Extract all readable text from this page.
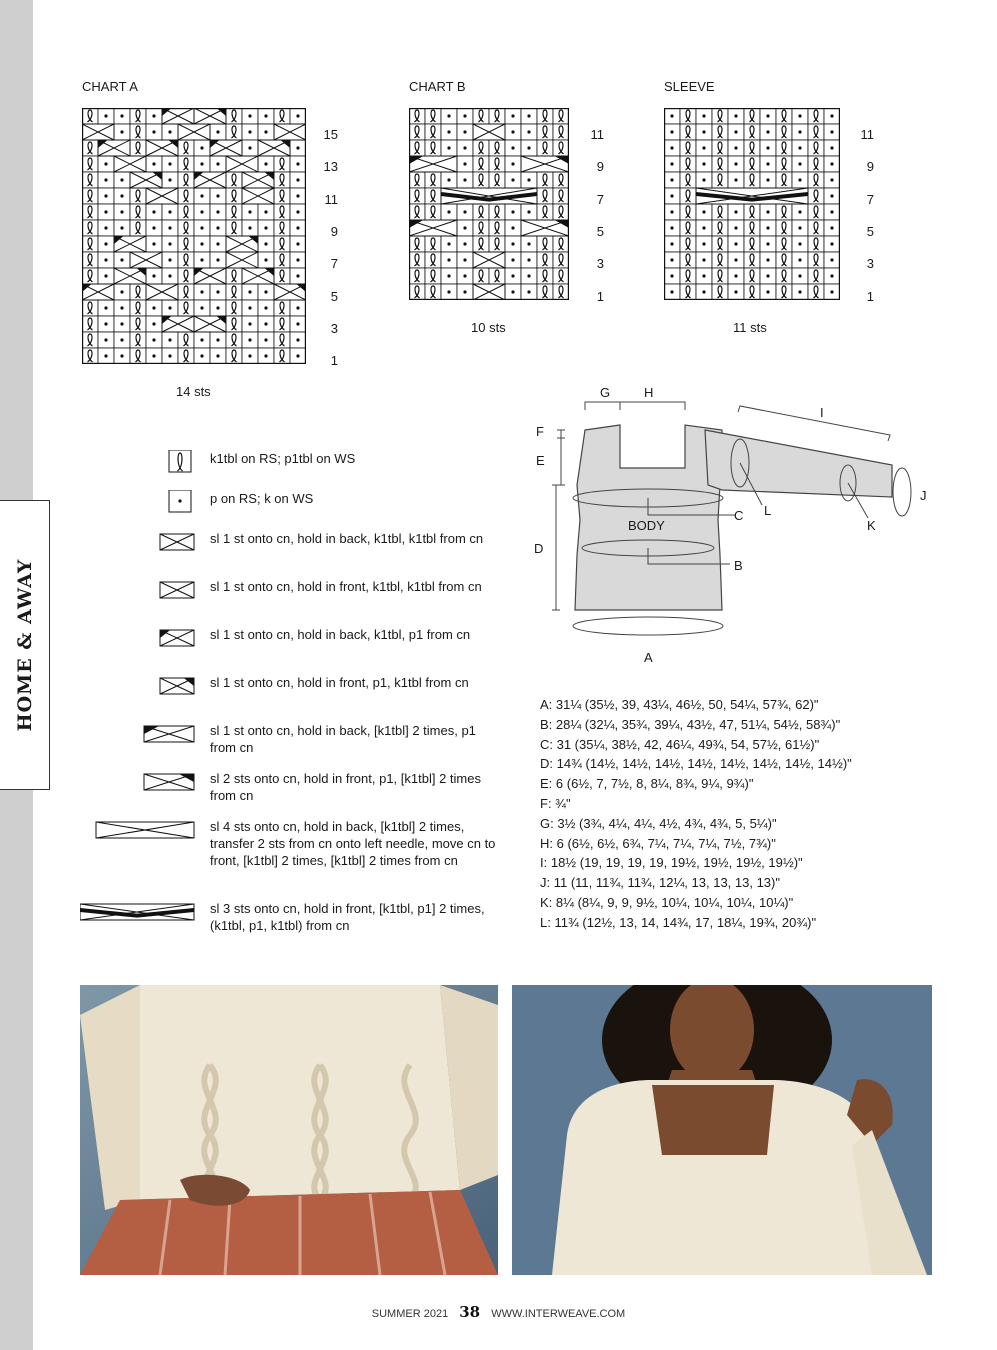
HOME & AWAY
CHART A
15
13
11
9
7
5
3
1
14 sts
CHART B
11
9
7
5
3
1
10 sts
SLEEVE
11
9
7
5
3
1
11 sts
k1tbl on RS; p1tbl on WS
p on RS; k on WS
sl 1 st onto cn, hold in back, k1tbl, k1tbl from cn
sl 1 st onto cn, hold in front, k1tbl, k1tbl from cn
sl 1 st onto cn, hold in back, k1tbl, p1 from cn
sl 1 st onto cn, hold in front, p1, k1tbl from cn
sl 1 st onto cn, hold in back, [k1tbl] 2 times, p1 from cn
sl 2 sts onto cn, hold in front, p1, [k1tbl] 2 times from cn
sl 4 sts onto cn, hold in back, [k1tbl] 2 times, transfer 2 sts from cn onto left needle, move cn to front, [k1tbl] 2 times, [k1tbl] 2 times from cn
sl 3 sts onto cn, hold in front, [k1tbl, p1] 2 times, (k1tbl, p1, k1tbl) from cn
G	H
I
F
E
D
C
B
L
K
J
A
BODY
A: 31¼ (35½, 39, 43¼, 46½, 50, 54¼, 57¾, 62)"
B: 28¼ (32¼, 35¾, 39¼, 43½, 47, 51¼, 54½, 58¾)"
C: 31 (35¼, 38½, 42, 46¼, 49¾, 54, 57½, 61½)"
D: 14¾ (14½, 14½, 14½, 14½, 14½, 14½, 14½, 14½)"
E: 6 (6½, 7, 7½, 8, 8¼, 8¾, 9¼, 9¾)"
F: ¾"
G: 3½ (3¾, 4¼, 4¼, 4½, 4¾, 4¾, 5, 5¼)"
H: 6 (6½, 6½, 6¾, 7¼, 7¼, 7¼, 7½, 7¾)"
I: 18½ (19, 19, 19, 19, 19½, 19½, 19½, 19½)"
J: 11 (11, 11¾, 11¾, 12¼, 13, 13, 13, 13)"
K: 8¼ (8¼, 9, 9, 9½, 10¼, 10¼, 10¼, 10¼)"
L: 11¾ (12½, 13, 14, 14¾, 17, 18¼, 19¾, 20¾)"
SUMMER 2021 38 WWW.INTERWEAVE.COM
